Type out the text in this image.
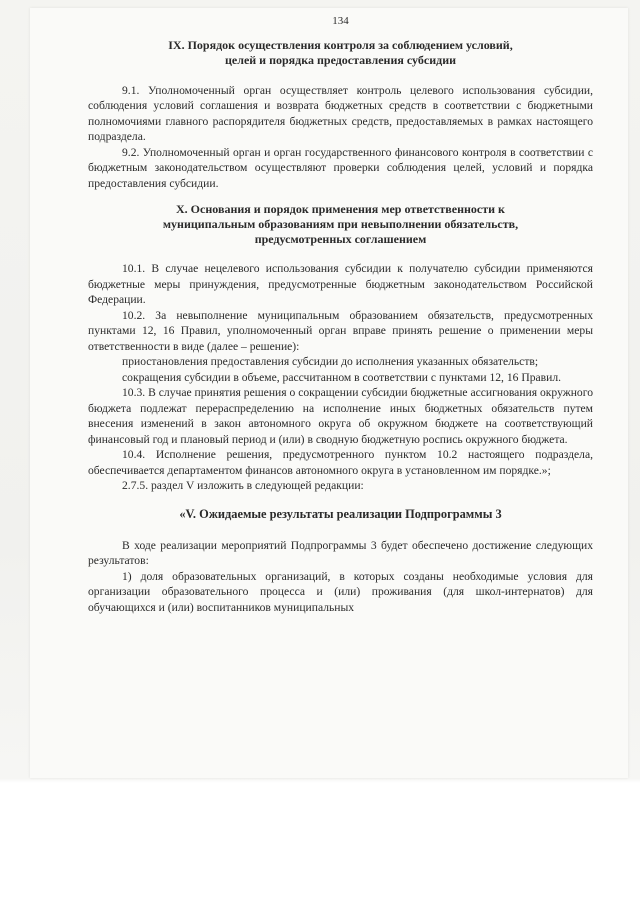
134
IX. Порядок осуществления контроля за соблюдением условий,
целей и порядка предоставления субсидии

9.1. Уполномоченный орган осуществляет контроль целевого использования субсидии, соблюдения условий соглашения и возврата бюджетных средств в соответствии с бюджетными полномочиями главного распорядителя бюджетных средств, предоставляемых в рамках настоящего подраздела.

9.2. Уполномоченный орган и орган государственного финансового контроля в соответствии с бюджетным законодательством осуществляют проверки соблюдения целей, условий и порядка предоставления субсидии.

X. Основания и порядок применения мер ответственности к
муниципальным образованиям при невыполнении обязательств,
предусмотренных соглашением

10.1. В случае нецелевого использования субсидии к получателю субсидии применяются бюджетные меры принуждения, предусмотренные бюджетным законодательством Российской Федерации.

10.2. За невыполнение муниципальным образованием обязательств, предусмотренных пунктами 12, 16 Правил, уполномоченный орган вправе принять решение о применении меры ответственности в виде (далее – решение):

приостановления предоставления субсидии до исполнения указанных обязательств;

сокращения субсидии в объеме, рассчитанном в соответствии с пунктами 12, 16 Правил.

10.3. В случае принятия решения о сокращении субсидии бюджетные ассигнования окружного бюджета подлежат перераспределению на исполнение иных бюджетных обязательств путем внесения изменений в закон автономного округа об окружном бюджете на соответствующий финансовый год и плановый период и (или) в сводную бюджетную роспись окружного бюджета.

10.4. Исполнение решения, предусмотренного пунктом 10.2 настоящего подраздела, обеспечивается департаментом финансов автономного округа в установленном им порядке.»;

2.7.5. раздел V изложить в следующей редакции:

«V. Ожидаемые результаты реализации Подпрограммы 3

В ходе реализации мероприятий Подпрограммы 3 будет обеспечено достижение следующих результатов:

1) доля образовательных организаций, в которых созданы необходимые условия для организации образовательного процесса и (или) проживания (для школ-интернатов) для обучающихся и (или) воспитанников муниципальных
